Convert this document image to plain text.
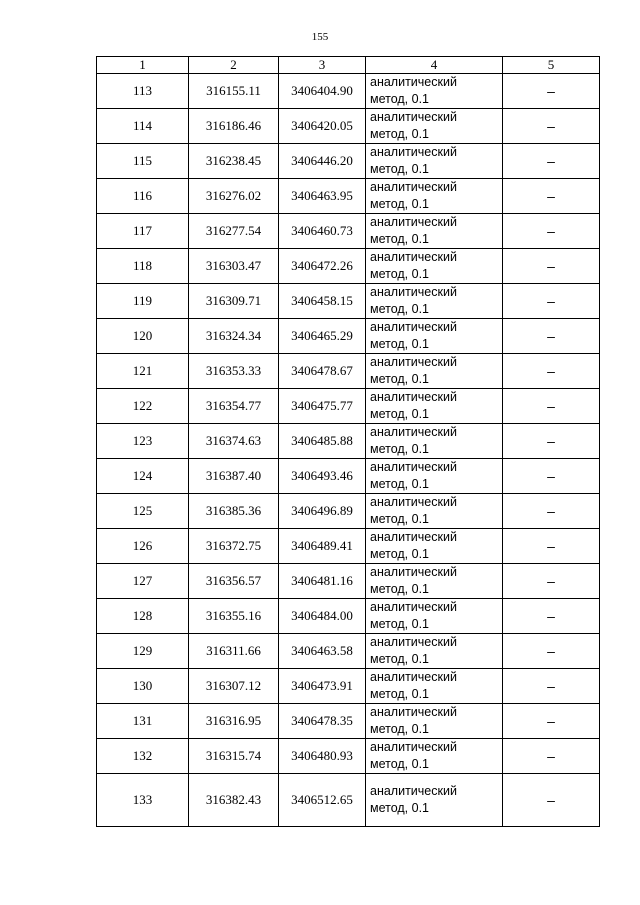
155
1	2	3	4	5
113	316155.11	3406404.90	аналитический
метод, 0.1	–
114	316186.46	3406420.05	аналитический
метод, 0.1	–
115	316238.45	3406446.20	аналитический
метод, 0.1	–
116	316276.02	3406463.95	аналитический
метод, 0.1	–
117	316277.54	3406460.73	аналитический
метод, 0.1	–
118	316303.47	3406472.26	аналитический
метод, 0.1	–
119	316309.71	3406458.15	аналитический
метод, 0.1	–
120	316324.34	3406465.29	аналитический
метод, 0.1	–
121	316353.33	3406478.67	аналитический
метод, 0.1	–
122	316354.77	3406475.77	аналитический
метод, 0.1	–
123	316374.63	3406485.88	аналитический
метод, 0.1	–
124	316387.40	3406493.46	аналитический
метод, 0.1	–
125	316385.36	3406496.89	аналитический
метод, 0.1	–
126	316372.75	3406489.41	аналитический
метод, 0.1	–
127	316356.57	3406481.16	аналитический
метод, 0.1	–
128	316355.16	3406484.00	аналитический
метод, 0.1	–
129	316311.66	3406463.58	аналитический
метод, 0.1	–
130	316307.12	3406473.91	аналитический
метод, 0.1	–
131	316316.95	3406478.35	аналитический
метод, 0.1	–
132	316315.74	3406480.93	аналитический
метод, 0.1	–
133	316382.43	3406512.65	аналитический
метод, 0.1	–
